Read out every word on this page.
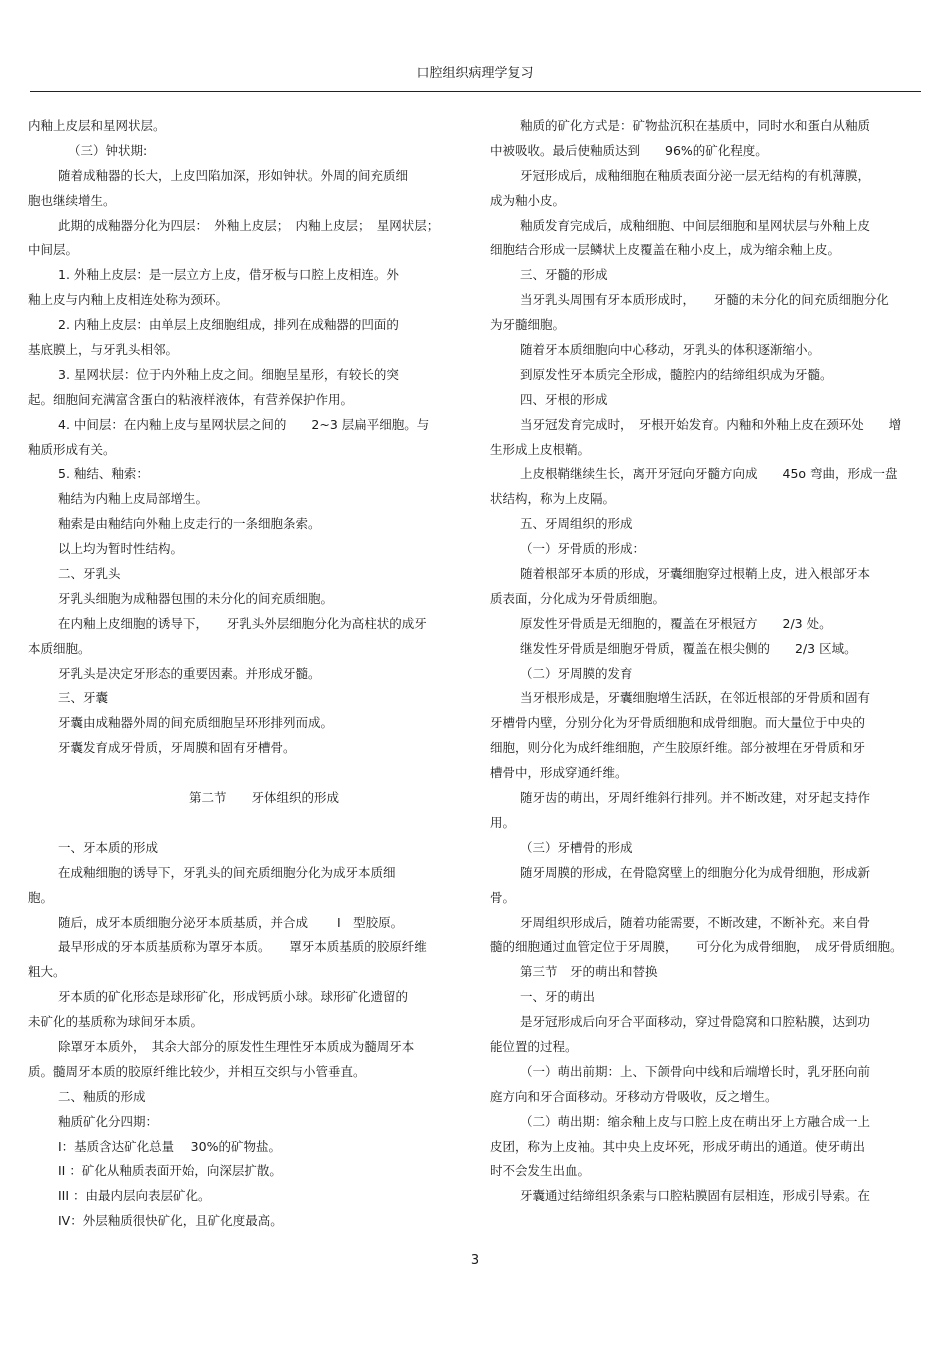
口腔组织病理学复习

内釉上皮层和星网状层。

（三）钟状期:

随着成釉器的长大，上皮凹陷加深，形如钟状。外周的间充质细

胞也继续增生。

此期的成釉器分化为四层：　外釉上皮层；　内釉上皮层；　星网状层；

中间层。

1. 外釉上皮层：是一层立方上皮，借牙板与口腔上皮相连。外

釉上皮与内釉上皮相连处称为颈环。

2. 内釉上皮层：由单层上皮细胞组成，排列在成釉器的凹面的

基底膜上，与牙乳头相邻。

3. 星网状层：位于内外釉上皮之间。细胞呈星形，有较长的突

起。细胞间充满富含蛋白的粘液样液体，有营养保护作用。

4. 中间层：在内釉上皮与星网状层之间的　　2~3 层扁平细胞。与

釉质形成有关。

5. 釉结、釉索：

釉结为内釉上皮局部增生。

釉索是由釉结向外釉上皮走行的一条细胞条索。

以上均为暂时性结构。

二、牙乳头

牙乳头细胞为成釉器包围的未分化的间充质细胞。

在内釉上皮细胞的诱导下，　　牙乳头外层细胞分化为高柱状的成牙

本质细胞。

牙乳头是决定牙形态的重要因素。并形成牙髓。

三、牙囊

牙囊由成釉器外周的间充质细胞呈环形排列而成。

牙囊发育成牙骨质，牙周膜和固有牙槽骨。

第二节　　牙体组织的形成

一、牙本质的形成

在成釉细胞的诱导下，牙乳头的间充质细胞分化为成牙本质细

胞。

随后，成牙本质细胞分泌牙本质基质，并合成　　 I　型胶原。

最早形成的牙本质基质称为罩牙本质。　　罩牙本质基质的胶原纤维

粗大。

牙本质的矿化形态是球形矿化，形成钙质小球。球形矿化遗留的

未矿化的基质称为球间牙本质。

除罩牙本质外，　其余大部分的原发性生理性牙本质成为髓周牙本

质。髓周牙本质的胶原纤维比较少，并相互交织与小管垂直。

二、釉质的形成

釉质矿化分四期：

I：基质含达矿化总量　 30%的矿物盐。

II ：矿化从釉质表面开始，向深层扩散。

III ：由最内层向表层矿化。

IV：外层釉质很快矿化，且矿化度最高。

釉质的矿化方式是：矿物盐沉积在基质中，同时水和蛋白从釉质

中被吸收。最后使釉质达到　　96%的矿化程度。

牙冠形成后，成釉细胞在釉质表面分泌一层无结构的有机薄膜，

成为釉小皮。

釉质发育完成后，成釉细胞、中间层细胞和星网状层与外釉上皮

细胞结合形成一层鳞状上皮覆盖在釉小皮上，成为缩余釉上皮。

三、牙髓的形成

当牙乳头周围有牙本质形成时，　　牙髓的未分化的间充质细胞分化

为牙髓细胞。

随着牙本质细胞向中心移动，牙乳头的体积逐渐缩小。

到原发性牙本质完全形成，髓腔内的结缔组织成为牙髓。

四、牙根的形成

当牙冠发育完成时，　牙根开始发育。内釉和外釉上皮在颈环处　　增

生形成上皮根鞘。

上皮根鞘继续生长，离开牙冠向牙髓方向成　　45o 弯曲，形成一盘

状结构，称为上皮隔。

五、牙周组织的形成

（一）牙骨质的形成：

随着根部牙本质的形成，牙囊细胞穿过根鞘上皮，进入根部牙本

质表面，分化成为牙骨质细胞。

原发性牙骨质是无细胞的，覆盖在牙根冠方　　2/3 处。

继发性牙骨质是细胞牙骨质，覆盖在根尖侧的　　2/3 区域。

（二）牙周膜的发育

当牙根形成是，牙囊细胞增生活跃，在邻近根部的牙骨质和固有

牙槽骨内壁，分别分化为牙骨质细胞和成骨细胞。而大量位于中央的

细胞，则分化为成纤维细胞，产生胶原纤维。部分被埋在牙骨质和牙

槽骨中，形成穿通纤维。

随牙齿的萌出，牙周纤维斜行排列。并不断改建，对牙起支持作

用。

（三）牙槽骨的形成

随牙周膜的形成，在骨隐窝壁上的细胞分化为成骨细胞，形成新

骨。

牙周组织形成后，随着功能需要，不断改建，不断补充。来自骨

髓的细胞通过血管定位于牙周膜，　　可分化为成骨细胞，　成牙骨质细胞。

第三节　牙的萌出和替换

一、牙的萌出

是牙冠形成后向牙合平面移动，穿过骨隐窝和口腔粘膜，达到功

能位置的过程。

（一）萌出前期：上、下颌骨向中线和后端增长时，乳牙胚向前

庭方向和牙合面移动。牙移动方骨吸收，反之增生。

（二）萌出期：缩余釉上皮与口腔上皮在萌出牙上方融合成一上

皮团，称为上皮袖。其中央上皮坏死，形成牙萌出的通道。使牙萌出

时不会发生出血。

牙囊通过结缔组织条索与口腔粘膜固有层相连，形成引导索。在

3
